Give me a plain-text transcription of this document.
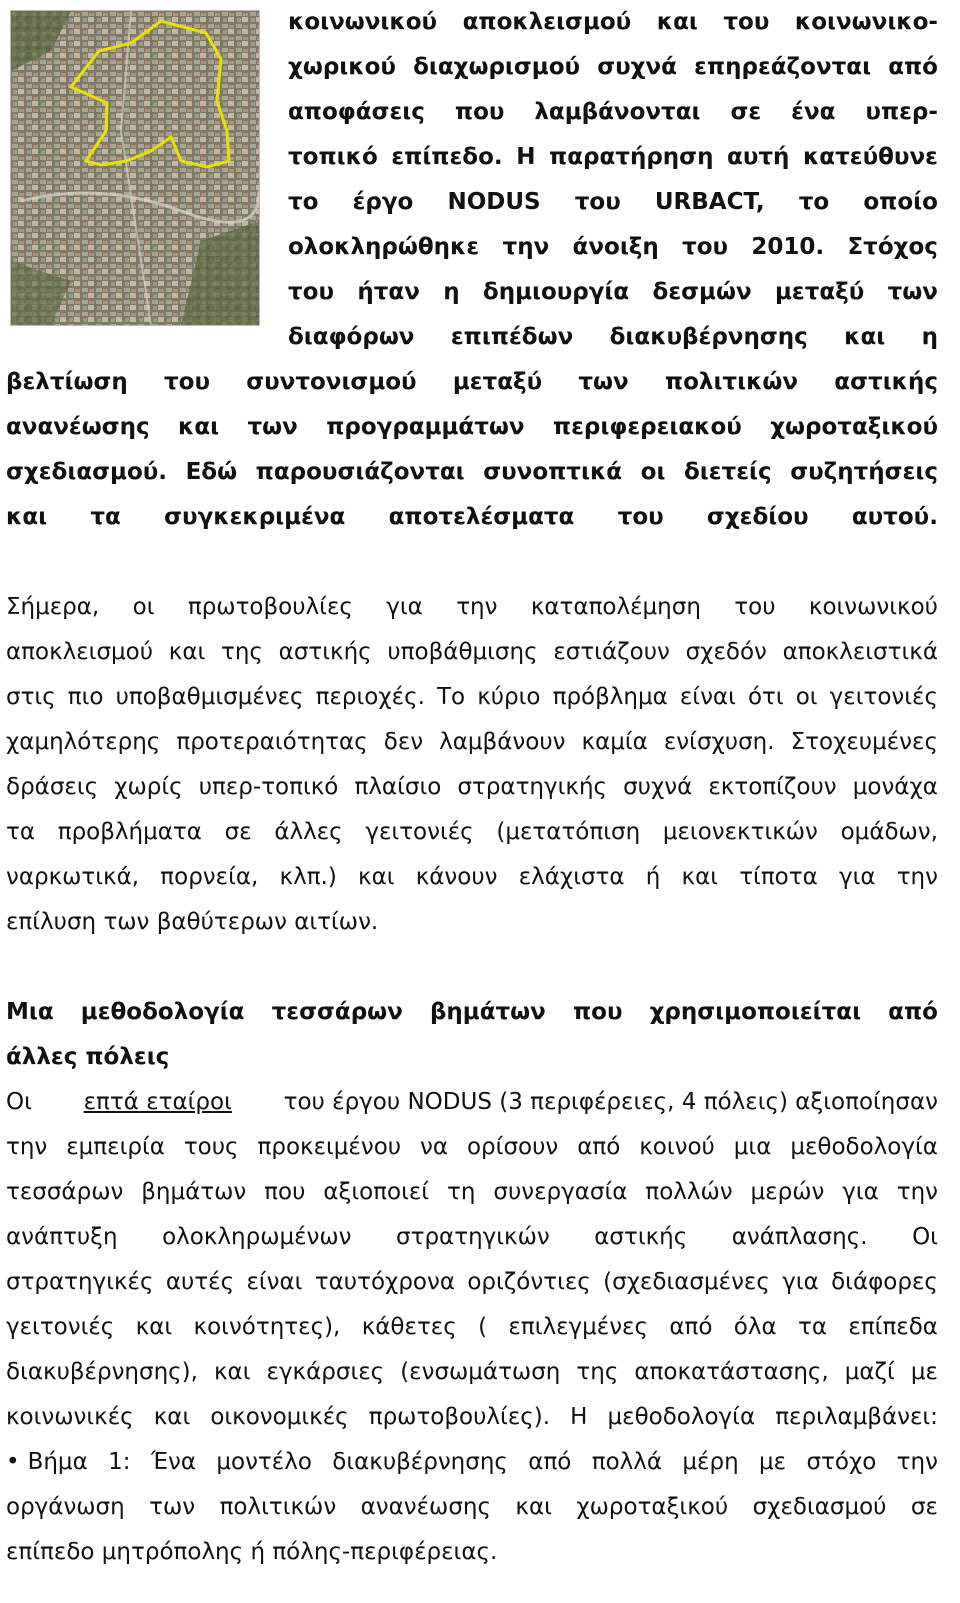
κοινωνικού αποκλεισμού και του κοινωνικο-
χωρικού διαχωρισμού συχνά επηρεάζονται από
αποφάσεις που λαμβάνονται σε ένα υπερ-
τοπικό επίπεδο. Η παρατήρηση αυτή κατεύθυνε
το έργο NODUS του URBACT, το οποίο
ολοκληρώθηκε την άνοιξη του 2010. Στόχος
του ήταν η δημιουργία δεσμών μεταξύ των
διαφόρων επιπέδων διακυβέρνησης και η
βελτίωση του συντονισμού μεταξύ των πολιτικών αστικής
ανανέωσης και των προγραμμάτων περιφερειακού χωροταξικού
σχεδιασμού. Εδώ παρουσιάζονται συνοπτικά οι διετείς συζητήσεις
και τα συγκεκριμένα αποτελέσματα του σχεδίου αυτού.
Σήμερα, οι πρωτοβουλίες για την καταπολέμηση του κοινωνικού
αποκλεισμού και της αστικής υποβάθμισης εστιάζουν σχεδόν αποκλειστικά
στις πιο υποβαθμισμένες περιοχές. Το κύριο πρόβλημα είναι ότι οι γειτονιές
χαμηλότερης προτεραιότητας δεν λαμβάνουν καμία ενίσχυση. Στοχευμένες
δράσεις χωρίς υπερ-τοπικό πλαίσιο στρατηγικής συχνά εκτοπίζουν μονάχα
τα προβλήματα σε άλλες γειτονιές (μετατόπιση μειονεκτικών ομάδων,
ναρκωτικά, πορνεία, κλπ.) και κάνουν ελάχιστα ή και τίποτα για την
επίλυση των βαθύτερων αιτίων.
Μια μεθοδολογία τεσσάρων βημάτων που χρησιμοποιείται από
άλλες πόλεις
Οι επτά εταίροι του έργου NODUS (3 περιφέρειες, 4 πόλεις) αξιοποίησαν
την εμπειρία τους προκειμένου να ορίσουν από κοινού μια μεθοδολογία
τεσσάρων βημάτων που αξιοποιεί τη συνεργασία πολλών μερών για την
ανάπτυξη ολοκληρωμένων στρατηγικών αστικής ανάπλασης. Οι
στρατηγικές αυτές είναι ταυτόχρονα οριζόντιες (σχεδιασμένες για διάφορες
γειτονιές και κοινότητες), κάθετες ( επιλεγμένες από όλα τα επίπεδα
διακυβέρνησης), και εγκάρσιες (ενσωμάτωση της αποκατάστασης, μαζί με
κοινωνικές και οικονομικές πρωτοβουλίες). Η μεθοδολογία περιλαμβάνει:
• Βήμα 1: Ένα μοντέλο διακυβέρνησης από πολλά μέρη με στόχο την
οργάνωση των πολιτικών ανανέωσης και χωροταξικού σχεδιασμού σε
επίπεδο μητρόπολης ή πόλης-περιφέρειας.
